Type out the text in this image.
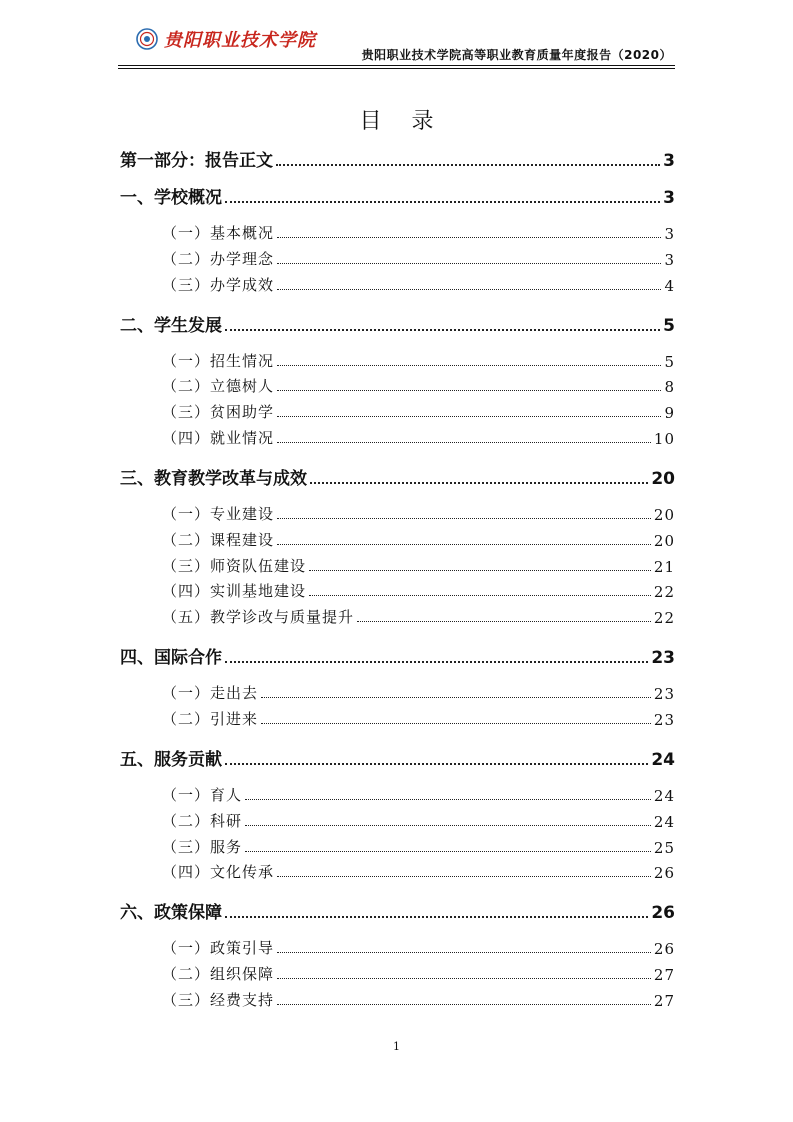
贵阳职业技术学院
贵阳职业技术学院高等职业教育质量年度报告（2020）
目录
第一部分：报告正文	3
一、学校概况	3
（一）基本概况	3
（二）办学理念	3
（三）办学成效	4
二、学生发展	5
（一）招生情况	5
（二）立德树人	8
（三）贫困助学	9
（四）就业情况	10
三、教育教学改革与成效	20
（一）专业建设	20
（二）课程建设	20
（三）师资队伍建设	21
（四）实训基地建设	22
（五）教学诊改与质量提升	22
四、国际合作	23
（一）走出去	23
（二）引进来	23
五、服务贡献	24
（一）育人	24
（二）科研	24
（三）服务	25
（四）文化传承	26
六、政策保障	26
（一）政策引导	26
（二）组织保障	27
（三）经费支持	27
1
